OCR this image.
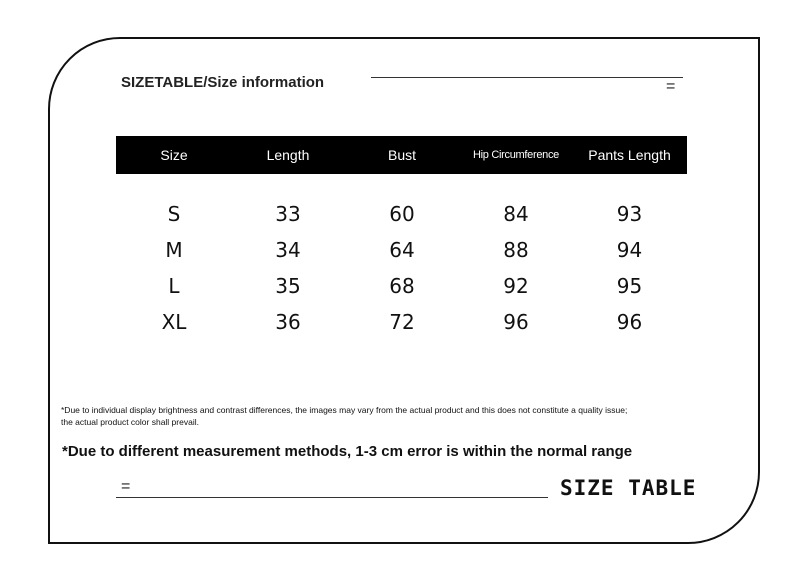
SIZETABLE/Size information	=
Size	Length	Bust	Hip Circumference	Pants Length
S	33	60	84	93
M	34	64	88	94
L	35	68	92	95
XL	36	72	96	96
*Due to individual display brightness and contrast differences, the images may vary from the actual product and this does not constitute a quality issue;
the actual product color shall prevail.
*Due to different measurement methods, 1-3 cm error is within the normal range
=	SIZE TABLE
